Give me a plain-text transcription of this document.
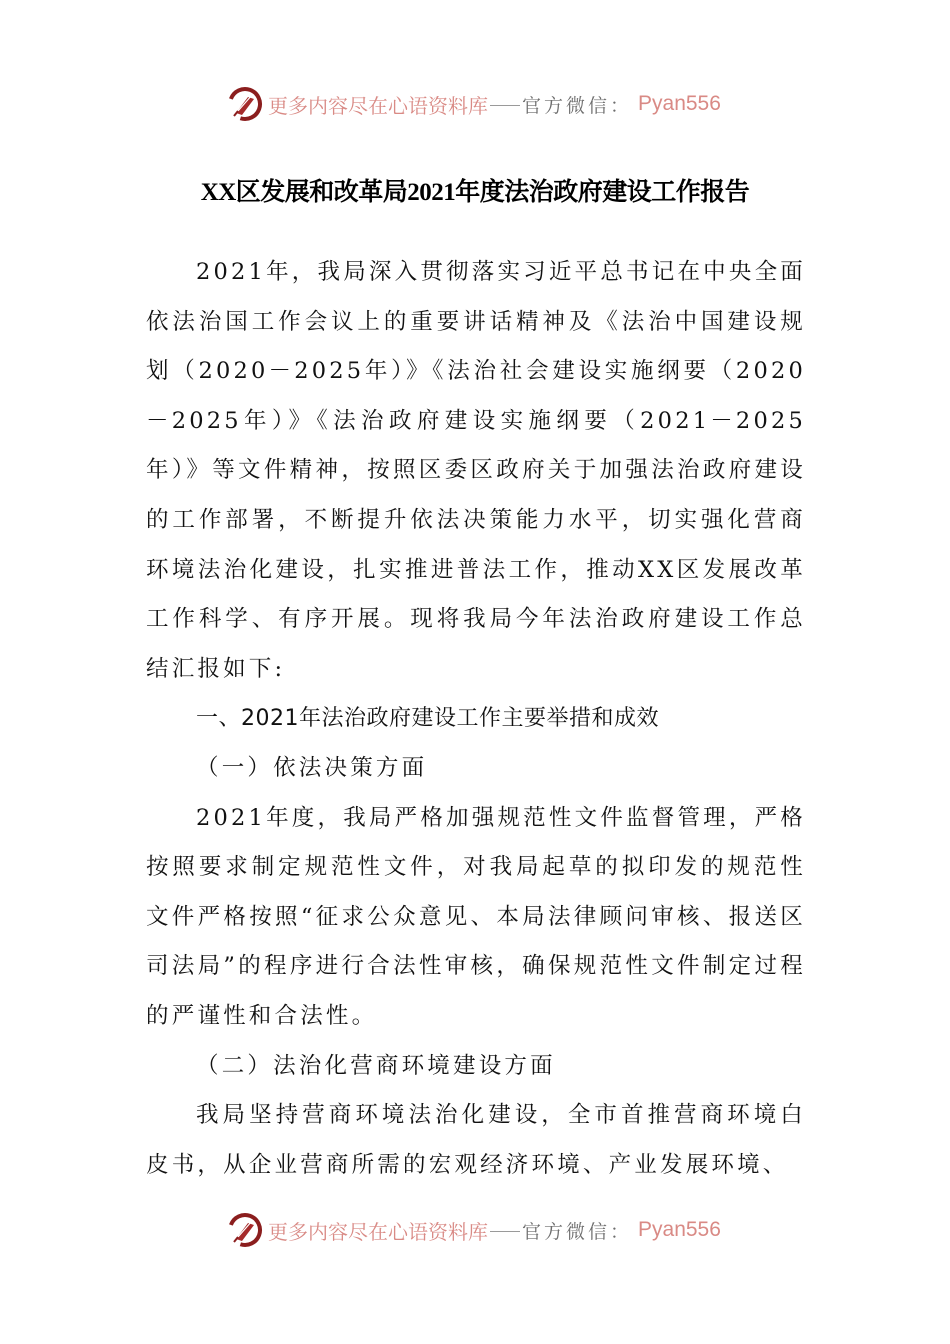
更多内容尽在心语资料库 官方微信： Pyan556
XX区发展和改革局2021年度法治政府建设工作报告

2021年，我局深入贯彻落实习近平总书记在中央全面依法治国工作会议上的重要讲话精神及《法治中国建设规划（2020－2025年）》《法治社会建设实施纲要（2020－2025年）》《法治政府建设实施纲要（2021－2025年）》等文件精神，按照区委区政府关于加强法治政府建设的工作部署，不断提升依法决策能力水平，切实强化营商环境法治化建设，扎实推进普法工作，推动XX区发展改革工作科学、有序开展。现将我局今年法治政府建设工作总结汇报如下:

一、2021年法治政府建设工作主要举措和成效

（一）依法决策方面

2021年度，我局严格加强规范性文件监督管理，严格按照要求制定规范性文件，对我局起草的拟印发的规范性文件严格按照“征求公众意见、本局法律顾问审核、报送区司法局”的程序进行合法性审核，确保规范性文件制定过程的严谨性和合法性。

（二）法治化营商环境建设方面

我局坚持营商环境法治化建设，全市首推营商环境白皮书，从企业营商所需的宏观经济环境、产业发展环境、

更多内容尽在心语资料库 官方微信： Pyan556
